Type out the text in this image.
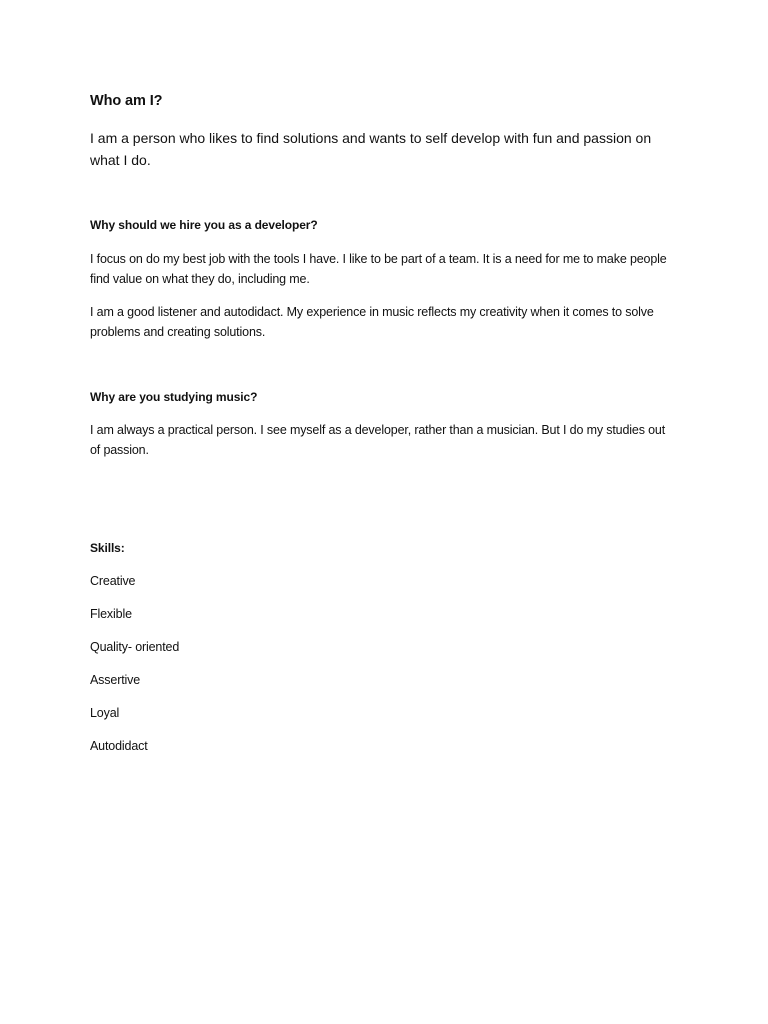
Who am I?

I am a person who likes to find solutions and wants to self develop with fun and passion on what I do.

Why should we hire you as a developer?

I focus on do my best job with the tools I have. I like to be part of a team. It is a need for me to make people find value on what they do, including me.

I am a good listener and autodidact. My experience in music reflects my creativity when it comes to solve problems and creating solutions.

Why are you studying music?

I am always a practical person. I see myself as a developer, rather than a musician. But I do my studies out of passion.

Skills:
Creative
Flexible
Quality- oriented
Assertive
Loyal
Autodidact
